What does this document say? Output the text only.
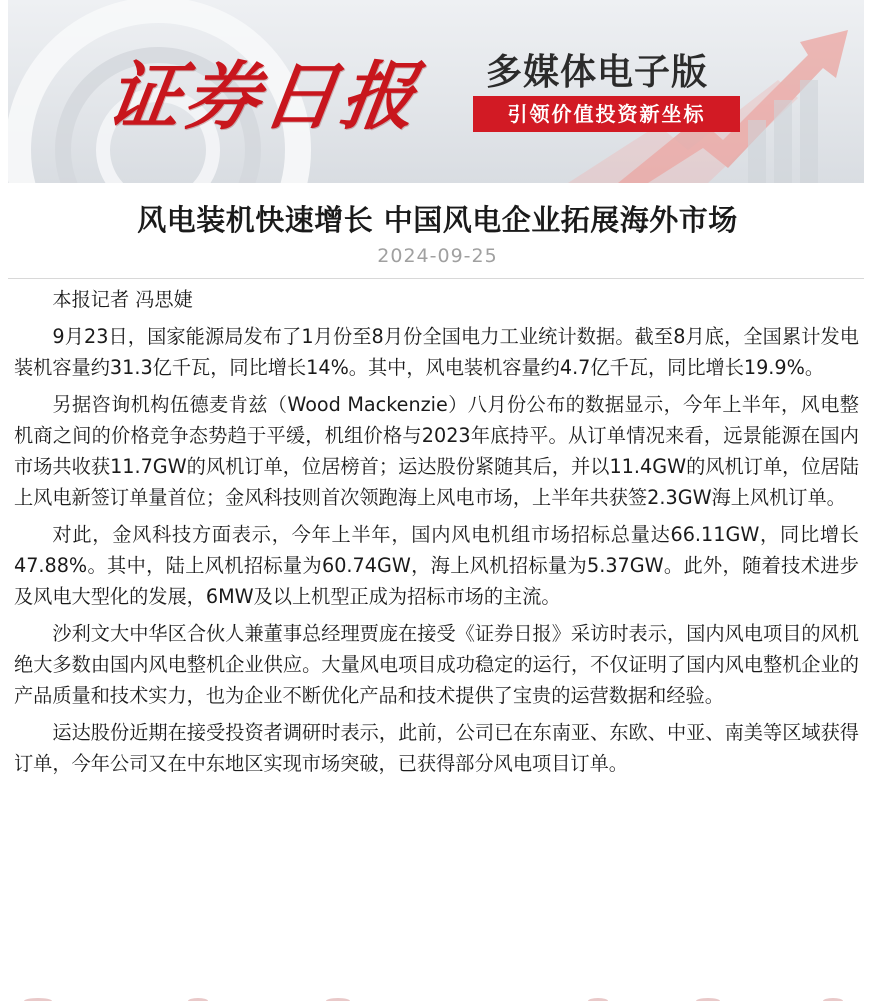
证券日报 多媒体电子版
引领价值投资新坐标
风电装机快速增长 中国风电企业拓展海外市场
2024-09-25

本报记者 冯思婕

9月23日，国家能源局发布了1月份至8月份全国电力工业统计数据。截至8月底，全国累计发电装机容量约31.3亿千瓦，同比增长14%。其中，风电装机容量约4.7亿千瓦，同比增长19.9%。

另据咨询机构伍德麦肯兹（Wood Mackenzie）八月份公布的数据显示，今年上半年，风电整机商之间的价格竞争态势趋于平缓，机组价格与2023年底持平。从订单情况来看，远景能源在国内市场共收获11.7GW的风机订单，位居榜首；运达股份紧随其后，并以11.4GW的风机订单，位居陆上风电新签订单量首位；金风科技则首次领跑海上风电市场，上半年共获签2.3GW海上风机订单。

对此，金风科技方面表示，今年上半年，国内风电机组市场招标总量达66.11GW，同比增长47.88%。其中，陆上风机招标量为60.74GW，海上风机招标量为5.37GW。此外，随着技术进步及风电大型化的发展，6MW及以上机型正成为招标市场的主流。

沙利文大中华区合伙人兼董事总经理贾庞在接受《证券日报》采访时表示，国内风电项目的风机绝大多数由国内风电整机企业供应。大量风电项目成功稳定的运行，不仅证明了国内风电整机企业的产品质量和技术实力，也为企业不断优化产品和技术提供了宝贵的运营数据和经验。

运达股份近期在接受投资者调研时表示，此前，公司已在东南亚、东欧、中亚、南美等区域获得订单，今年公司又在中东地区实现市场突破，已获得部分风电项目订单。
